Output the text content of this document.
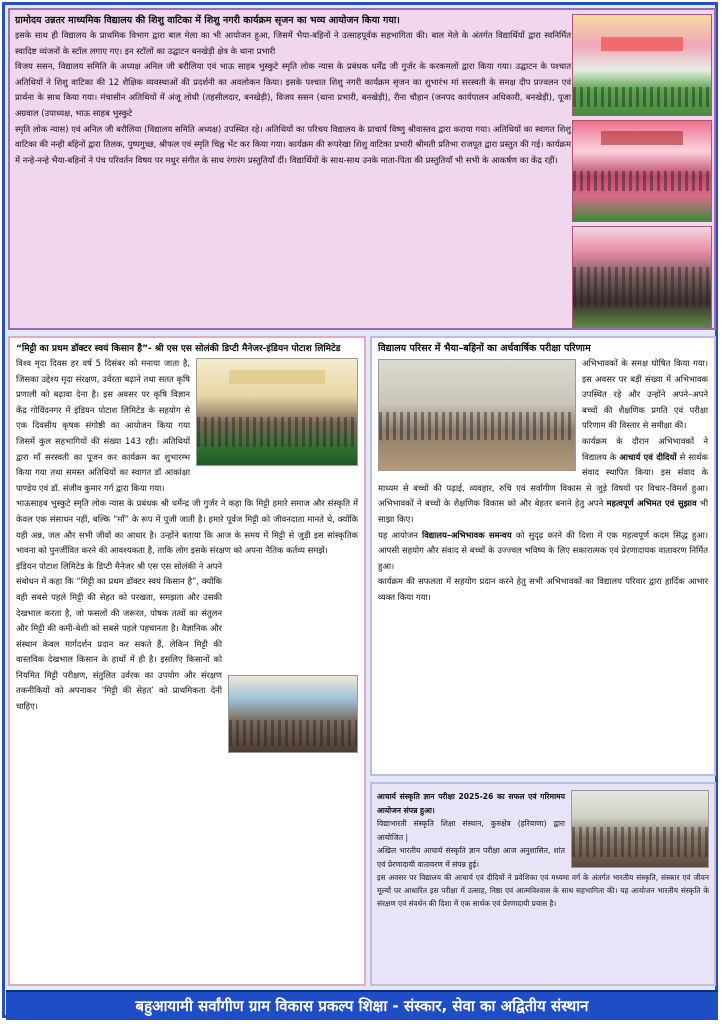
ग्रामोदय उन्नतर माध्यमिक विद्यालय की शिशु वाटिका में शिशु नगरी कार्यक्रम सृजन का भव्य आयोजन किया गया।

इसके साथ ही विद्यालय के प्राथमिक विभाग द्वारा बाल मेला का भी आयोजन हुआ, जिसमें भैया-बहिनों ने उत्साहपूर्वक सहभागिता की। बाल मेले के अंतर्गत विद्यार्थियों द्वारा स्वनिर्मित स्वादिष्ट व्यंजनों के स्टॉल लगाए गए। इन स्टॉलों का उद्घाटन बनखेड़ी क्षेत्र के थाना प्रभारी

विजय ससन, विद्यालय समिति के अध्यक्ष अनिल जी बरौलिया एवं भाऊ साहब भुस्कुटे स्मृति लोक न्यास के प्रबंधक धर्मेंद्र जी गुर्जर के करकमलों द्वारा किया गया। उद्घाटन के पश्चात अतिथियों ने शिशु वाटिका की 12 शैक्षिक व्यवस्थाओं की प्रदर्शनी का अवलोकन किया। इसके पश्चात शिशु नगरी कार्यक्रम सृजन का शुभारंभ मां सरस्वती के समक्ष दीप प्रज्वलन एवं प्रार्थना के साथ किया गया। मंचासीन अतिथियों में अंजू लोधी (तहसीलदार, बनखेड़ी), विजय ससन (थाना प्रभारी, बनखेड़ी), रीना चौहान (जनपद कार्यपालन अधिकारी, बनखेड़ी), पूजा अग्रवाल (उपाध्यक्ष, भाऊ साहब भुस्कुटे

स्मृति लोक न्यास) एवं अनिल जी बरौलिया (विद्यालय समिति अध्यक्ष) उपस्थित रहे। अतिथियों का परिचय विद्यालय के प्राचार्य विष्णु श्रीवास्तव द्वारा कराया गया। अतिथियों का स्वागत शिशु वाटिका की नन्ही बहिनों द्वारा तिलक, पुष्पगुच्छ, श्रीफल एवं स्मृति चिह्न भेंट कर किया गया। कार्यक्रम की रूपरेखा शिशु वाटिका प्रभारी श्रीमती प्रतिभा राजपूत द्वारा प्रस्तुत की गई। कार्यक्रम में नन्हे-नन्हे भैया-बहिनों ने पंच परिवर्तन विषय पर मधुर संगीत के साथ रंगारंग प्रस्तुतियाँ दीं। विद्यार्थियों के साथ-साथ उनके माता-पिता की प्रस्तुतियाँ भी सभी के आकर्षण का केंद्र रहीं।

“मिट्टी का प्रथम डॉक्टर स्वयं किसान है”- श्री एस एस सोलंकी डिप्टी मैनेजर-इंडियन पोटाश लिमिटेड

विश्व मृदा दिवस हर वर्ष 5 दिसंबर को मनाया जाता है, जिसका उद्देश्य मृदा संरक्षण, उर्वरता बढ़ाने तथा सतत कृषि प्रणाली को बढ़ावा देना है। इस अवसर पर कृषि विज्ञान केंद्र गोविंदनगर में इंडियन पोटाश लिमिटेड के सहयोग से एक दिवसीय कृषक संगोष्ठी का आयोजन किया गया जिसमें कुल सहभागियों की संख्या 143 रही। अतिथियों द्वारा माँ सरस्वती का पूजन कर कार्यक्रम का शुभारम्भ किया गया तथा समस्त अतिथियों का स्वागत डॉ आकांक्षा पाण्डेय एवं डॉ. संजीव कुमार गर्ग द्वारा किया गया।

भाऊसाहब भुस्कुटे स्मृति लोक न्यास के प्रबंधक श्री धर्मेन्द्र जी गुर्जर ने कहा कि मिट्टी हमारे समाज और संस्कृति में केवल एक संसाधन नहीं, बल्कि “माँ” के रूप में पूजी जाती है। हमारे पूर्वज मिट्टी को जीवनदाता मानते थे, क्योंकि यही अन्न, जल और सभी जीवों का आधार है। उन्होंने बताया कि आज के समय में मिट्टी से जुड़ी इस सांस्कृतिक भावना को पुनर्जीवित करने की आवश्यकता है, ताकि लोग इसके संरक्षण को अपना नैतिक कर्तव्य समझें।

इंडियन पोटाश लिमिटेड के डिप्टी मैनेजर श्री एस एस सोलंकी ने अपने संबोधन में कहा कि “मिट्टी का प्रथम डॉक्टर स्वयं किसान है”, क्योंकि वही सबसे पहले मिट्टी की सेहत को परखता, समझता और उसकी देखभाल करता है, जो फसलों की जरूरत, पोषक तत्वों का संतुलन और मिट्टी की कमी-बेशी को सबसे पहले पहचानता है। वैज्ञानिक और संस्थान केवल मार्गदर्शन प्रदान कर सकते हैं, लेकिन मिट्टी की वास्तविक देखभाल किसान के हाथों में ही है। इसलिए किसानों को नियमित मिट्टी परीक्षण, संतुलित उर्वरक का उपयोग और संरक्षण तकनीकियों को अपनाकर ‘मिट्टी की सेहत’ को प्राथमिकता देनी चाहिए।

विद्यालय परिसर में भैया–बहिनों का अर्धवार्षिक परीक्षा परिणाम

अभिभावकों के समक्ष घोषित किया गया। इस अवसर पर बड़ी संख्या में अभिभावक उपस्थित रहे और उन्होंने अपने–अपने बच्चों की शैक्षणिक प्रगति एवं परीक्षा परिणाम की विस्तार से समीक्षा की।

कार्यक्रम के दौरान अभिभावकों ने विद्यालय के आचार्य एवं दीदियों से सार्थक संवाद स्थापित किया। इस संवाद के माध्यम से बच्चों की पढ़ाई, व्यवहार, रुचि एवं सर्वांगीण विकास से जुड़े विषयों पर विचार–विमर्श हुआ। अभिभावकों ने बच्चों के शैक्षणिक विकास को और बेहतर बनाने हेतु अपने महत्वपूर्ण अभिमत एवं सुझाव भी साझा किए।

यह आयोजन विद्यालय–अभिभावक समन्वय को सुदृढ़ करने की दिशा में एक महत्वपूर्ण कदम सिद्ध हुआ। आपसी सहयोग और संवाद से बच्चों के उज्ज्वल भविष्य के लिए सकारात्मक एवं प्रेरणादायक वातावरण निर्मित हुआ।

कार्यक्रम की सफलता में सहयोग प्रदान करने हेतु सभी अभिभावकों का विद्यालय परिवार द्वारा हार्दिक आभार व्यक्त किया गया।

आचार्य संस्कृति ज्ञान परीक्षा 2025-26 का सफल एवं गरिमामय आयोजन संपन्न हुआ।

विद्याभारती संस्कृति शिक्षा संस्थान, कुरुक्षेत्र (हरियाणा) द्वारा आयोजित |

अखिल भारतीय आचार्य संस्कृति ज्ञान परीक्षा आज अनुशासित, शांत एवं प्रेरणादायी वातावरण में संपन्न हुई।

इस अवसर पर विद्यालय की आचार्य एवं दीदियों ने प्रवेशिका एवं मध्यमा वर्ग के अंतर्गत भारतीय संस्कृति, संस्कार एवं जीवन मूल्यों पर आधारित इस परीक्षा में उत्साह, निष्ठा एवं आत्मविश्वास के साथ सहभागिता की। यह आयोजन भारतीय संस्कृति के संरक्षण एवं संवर्धन की दिशा में एक सार्थक एवं प्रेरणादायी प्रयास है।

बहुआयामी सर्वांगीण ग्राम विकास प्रकल्प शिक्षा - संस्कार, सेवा का अद्वितीय संस्थान
